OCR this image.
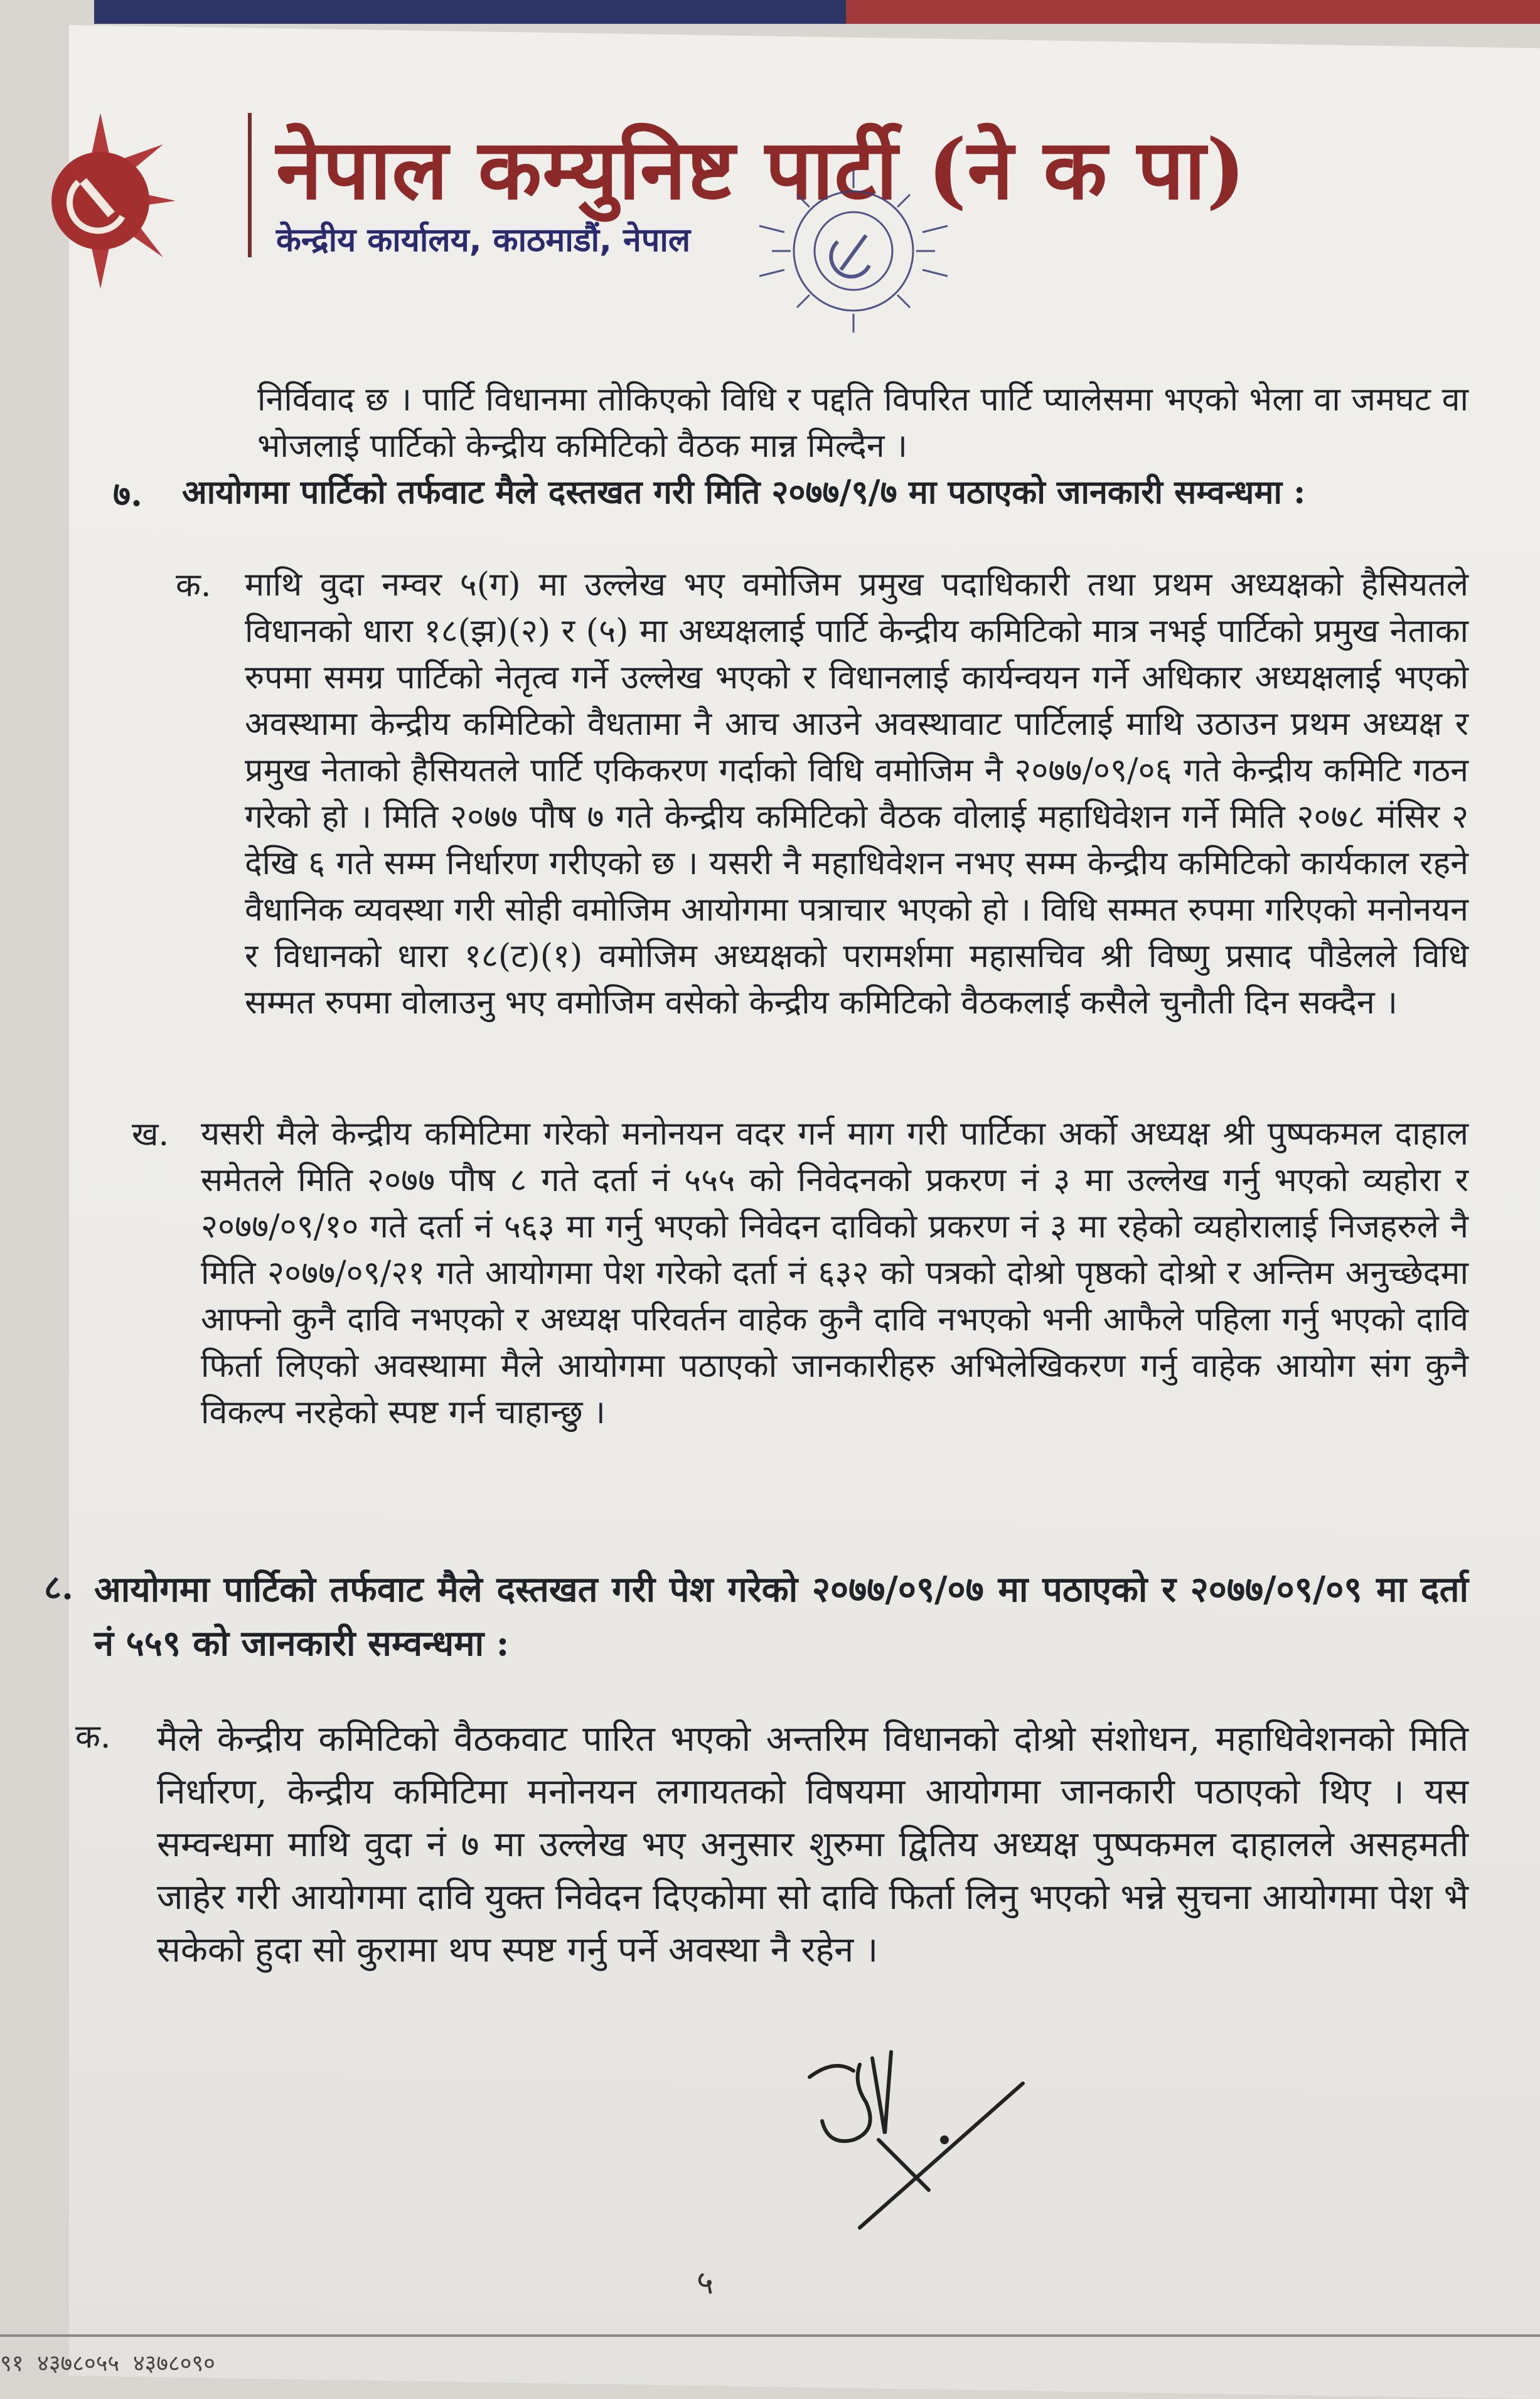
नेपाल कम्युनिष्ट पार्टी (ने क पा)
केन्द्रीय कार्यालय, काठमाडौं, नेपाल
निर्विवाद छ । पार्टि विधानमा तोकिएको विधि र पद्दति विपरित पार्टि प्यालेसमा भएको भेला वा जमघट वा भोजलाई पार्टिको केन्द्रीय कमिटिको वैठक मान्न मिल्दैन ।
७. आयोगमा पार्टिको तर्फवाट मैले दस्तखत गरी मिति २०७७/९/७ मा पठाएको जानकारी सम्वन्धमा :
क. माथि वुदा नम्वर ५(ग) मा उल्लेख भए वमोजिम प्रमुख पदाधिकारी तथा प्रथम अध्यक्षको हैसियतले विधानको धारा १८(झ)(२) र (५) मा अध्यक्षलाई पार्टि केन्द्रीय कमिटिको मात्र नभई पार्टिको प्रमुख नेताका रुपमा समग्र पार्टिको नेतृत्व गर्ने उल्लेख भएको र विधानलाई कार्यन्वयन गर्ने अधिकार अध्यक्षलाई भएको अवस्थामा केन्द्रीय कमिटिको वैधतामा नै आच आउने अवस्थावाट पार्टिलाई माथि उठाउन प्रथम अध्यक्ष र प्रमुख नेताको हैसियतले पार्टि एकिकरण गर्दाको विधि वमोजिम नै २०७७/०९/०६ गते केन्द्रीय कमिटि गठन गरेको हो । मिति २०७७ पौष ७ गते केन्द्रीय कमिटिको वैठक वोलाई महाधिवेशन गर्ने मिति २०७८ मंसिर २ देखि ६ गते सम्म निर्धारण गरीएको छ । यसरी नै महाधिवेशन नभए सम्म केन्द्रीय कमिटिको कार्यकाल रहने वैधानिक व्यवस्था गरी सोही वमोजिम आयोगमा पत्राचार भएको हो । विधि सम्मत रुपमा गरिएको मनोनयन र विधानको धारा १८(ट)(१) वमोजिम अध्यक्षको परामर्शमा महासचिव श्री विष्णु प्रसाद पौडेलले विधि सम्मत रुपमा वोलाउनु भए वमोजिम वसेको केन्द्रीय कमिटिको वैठकलाई कसैले चुनौती दिन सक्दैन ।
ख. यसरी मैले केन्द्रीय कमिटिमा गरेको मनोनयन वदर गर्न माग गरी पार्टिका अर्को अध्यक्ष श्री पुष्पकमल दाहाल समेतले मिति २०७७ पौष ८ गते दर्ता नं ५५५ को निवेदनको प्रकरण नं ३ मा उल्लेख गर्नु भएको व्यहोरा र २०७७/०९/१० गते दर्ता नं ५६३ मा गर्नु भएको निवेदन दाविको प्रकरण नं ३ मा रहेको व्यहोरालाई निजहरुले नै मिति २०७७/०९/२१ गते आयोगमा पेश गरेको दर्ता नं ६३२ को पत्रको दोश्रो पृष्ठको दोश्रो र अन्तिम अनुच्छेदमा आफ्नो कुनै दावि नभएको र अध्यक्ष परिवर्तन वाहेक कुनै दावि नभएको भनी आफैले पहिला गर्नु भएको दावि फिर्ता लिएको अवस्थामा मैले आयोगमा पठाएको जानकारीहरु अभिलेखिकरण गर्नु वाहेक आयोग संग कुनै विकल्प नरहेको स्पष्ट गर्न चाहान्छु ।
८. आयोगमा पार्टिको तर्फवाट मैले दस्तखत गरी पेश गरेको २०७७/०९/०७ मा पठाएको र २०७७/०९/०९ मा दर्ता नं ५५९ को जानकारी सम्वन्धमा :
क. मैले केन्द्रीय कमिटिको वैठकवाट पारित भएको अन्तरिम विधानको दोश्रो संशोधन, महाधिवेशनको मिति निर्धारण, केन्द्रीय कमिटिमा मनोनयन लगायतको विषयमा आयोगमा जानकारी पठाएको थिए । यस सम्वन्धमा माथि वुदा नं ७ मा उल्लेख भए अनुसार शुरुमा द्वितिय अध्यक्ष पुष्पकमल दाहालले असहमती जाहेर गरी आयोगमा दावि युक्त निवेदन दिएकोमा सो दावि फिर्ता लिनु भएको भन्ने सुचना आयोगमा पेश भै सकेको हुदा सो कुरामा थप स्पष्ट गर्नु पर्ने अवस्था नै रहेन ।
५
९१ ४३७८०५५ ४३७८०९०
